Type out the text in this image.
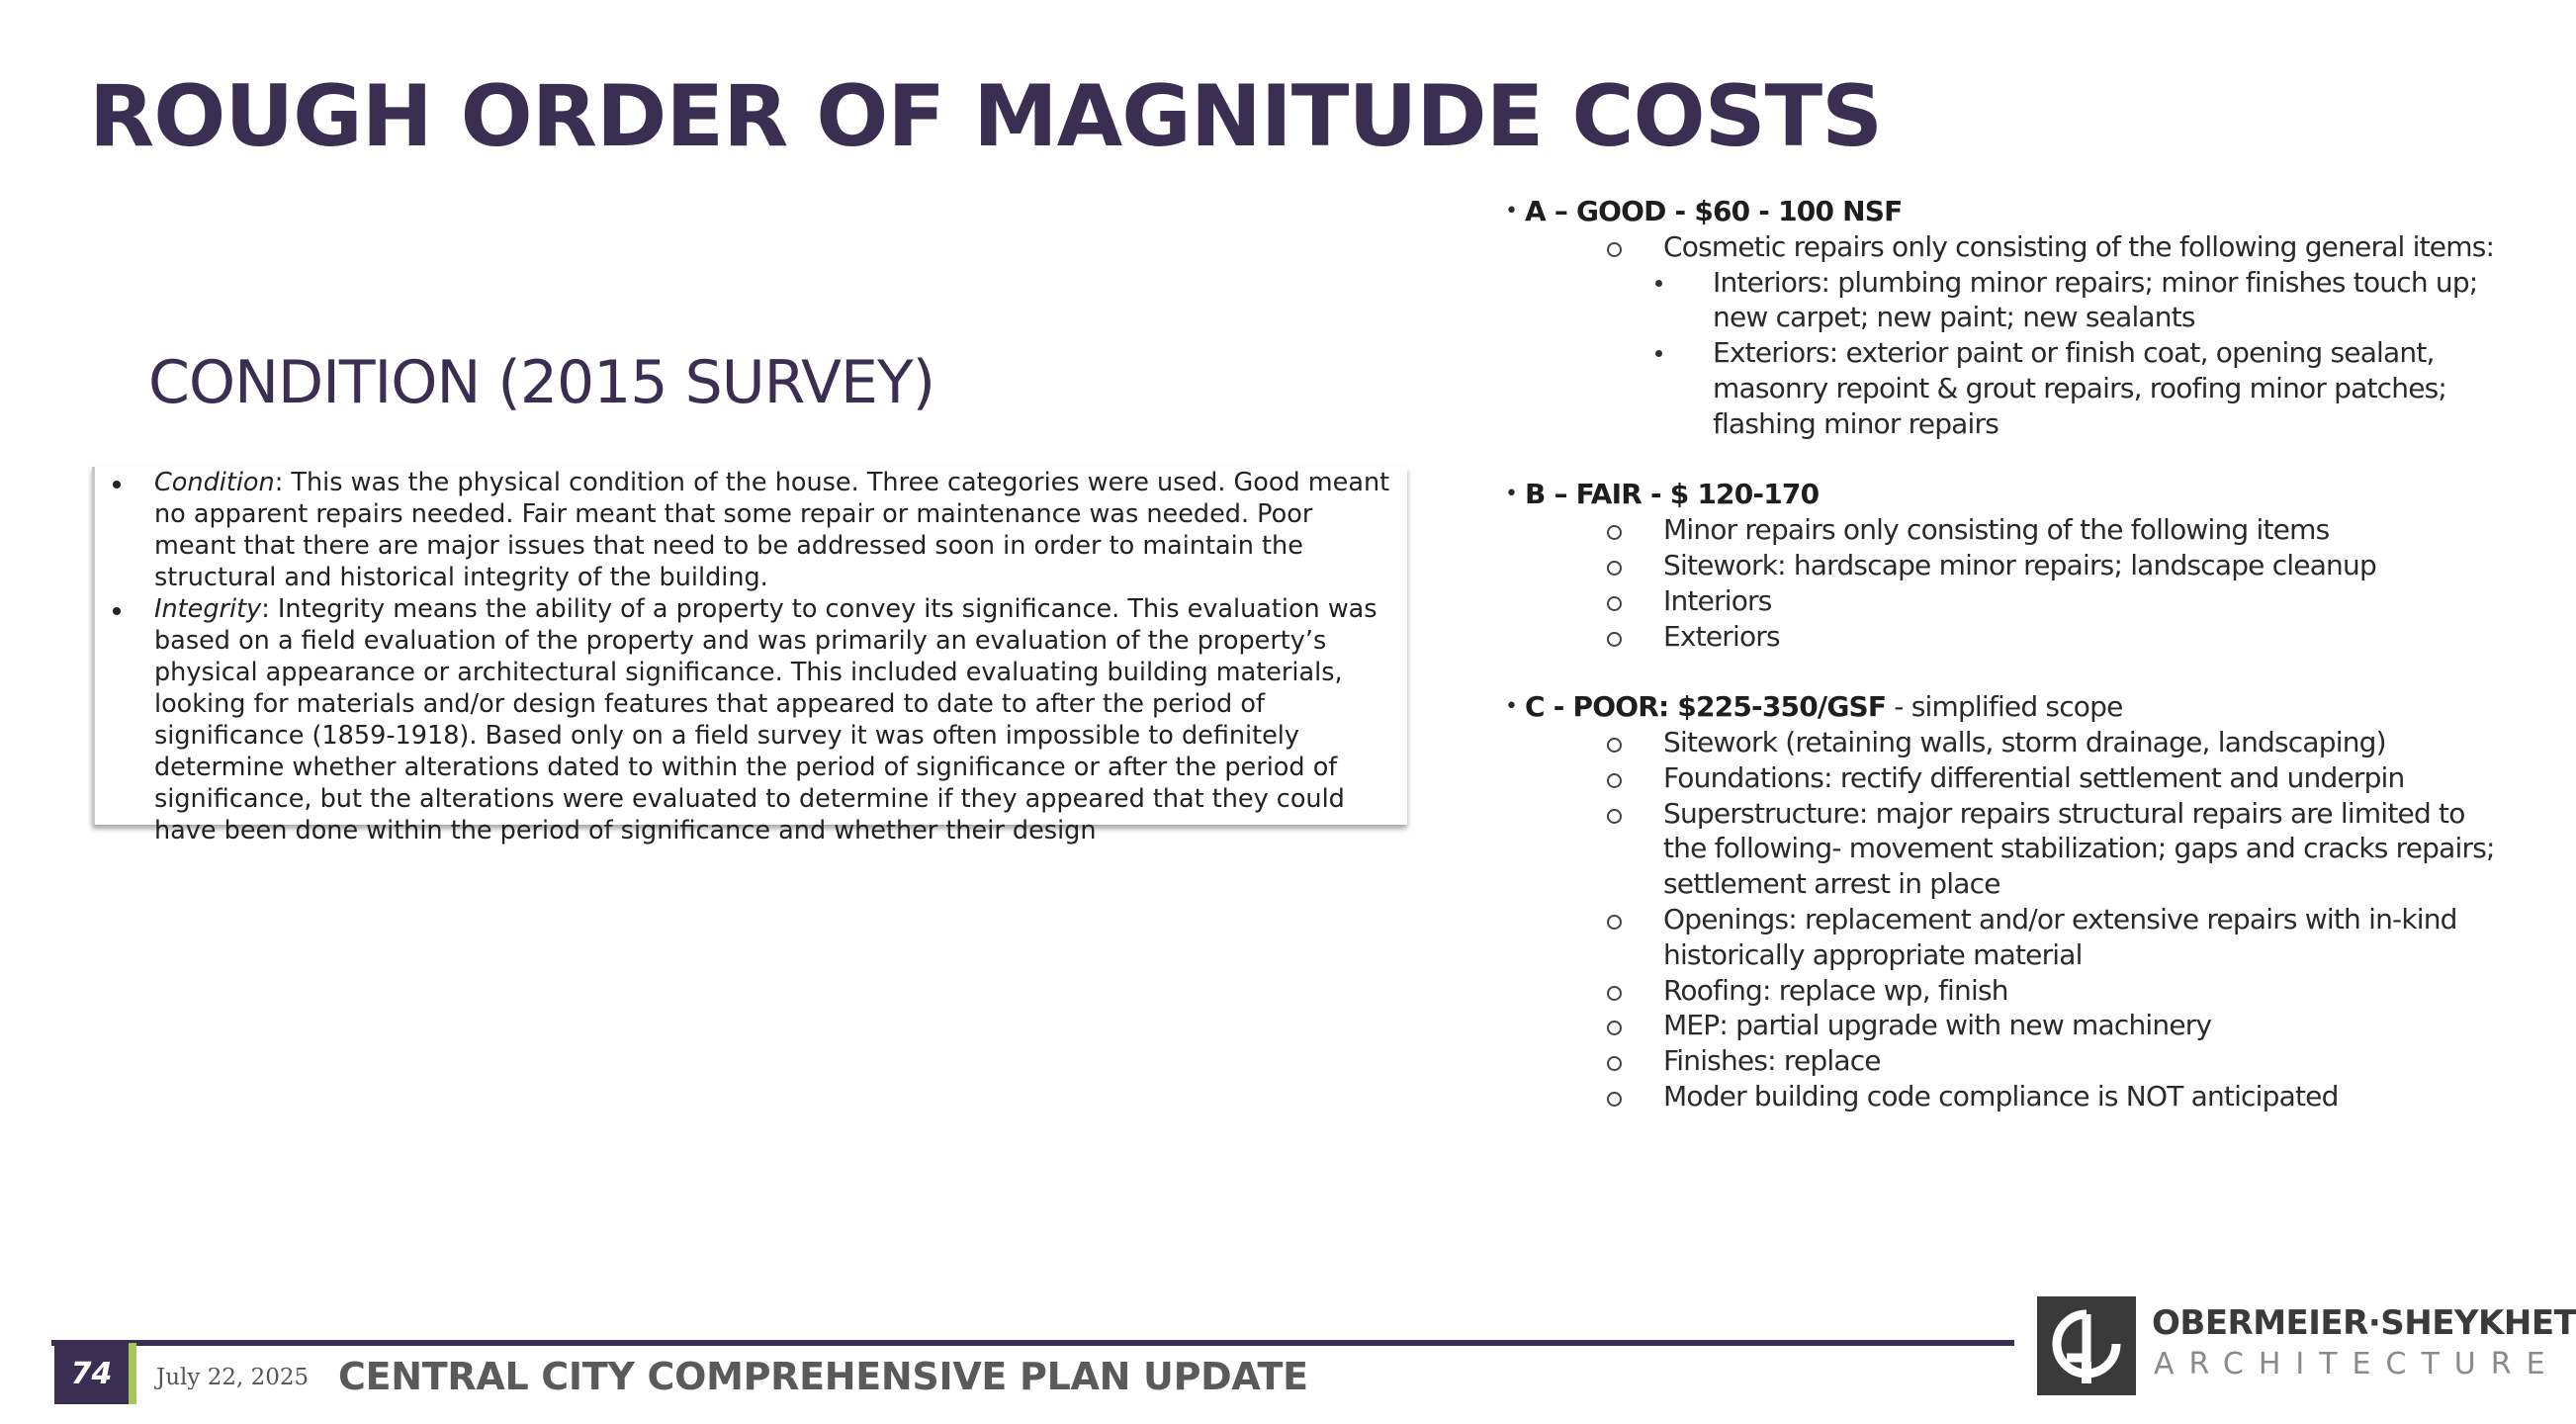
ROUGH ORDER OF MAGNITUDE COSTS
CONDITION (2015 SURVEY)
Condition: This was the physical condition of the house. Three categories were used. Good meant no apparent repairs needed. Fair meant that some repair or maintenance was needed. Poor meant that there are major issues that need to be addressed soon in order to maintain the structural and historical integrity of the building.
Integrity: Integrity means the ability of a property to convey its significance. This evaluation was based on a field evaluation of the property and was primarily an evaluation of the property’s physical appearance or architectural significance. This included evaluating building materials, looking for materials and/or design features that appeared to date to after the period of significance (1859-1918). Based only on a field survey it was often impossible to definitely determine whether alterations dated to within the period of significance or after the period of significance, but the alterations were evaluated to determine if they appeared that they could have been done within the period of significance and whether their design
• A – GOOD - $60 - 100 NSF
Cosmetic repairs only consisting of the following general items:
Interiors: plumbing minor repairs; minor finishes touch up; new carpet; new paint; new sealants
Exteriors: exterior paint or finish coat, opening sealant, masonry repoint & grout repairs, roofing minor patches; flashing minor repairs
• B – FAIR - $ 120-170
Minor repairs only consisting of the following items
Sitework: hardscape minor repairs; landscape cleanup
Interiors
Exteriors
• C - POOR: $225-350/GSF - simplified scope
Sitework (retaining walls, storm drainage, landscaping)
Foundations: rectify differential settlement and underpin
Superstructure: major repairs structural repairs are limited to the following- movement stabilization; gaps and cracks repairs; settlement arrest in place
Openings: replacement and/or extensive repairs with in-kind historically appropriate material
Roofing: replace wp, finish
MEP: partial upgrade with new machinery
Finishes: replace
Moder building code compliance is NOT anticipated
74	July 22, 2025 CENTRAL CITY COMPREHENSIVE PLAN UPDATE
OBERMEIER·SHEYKHET
ARCHITECTURE
